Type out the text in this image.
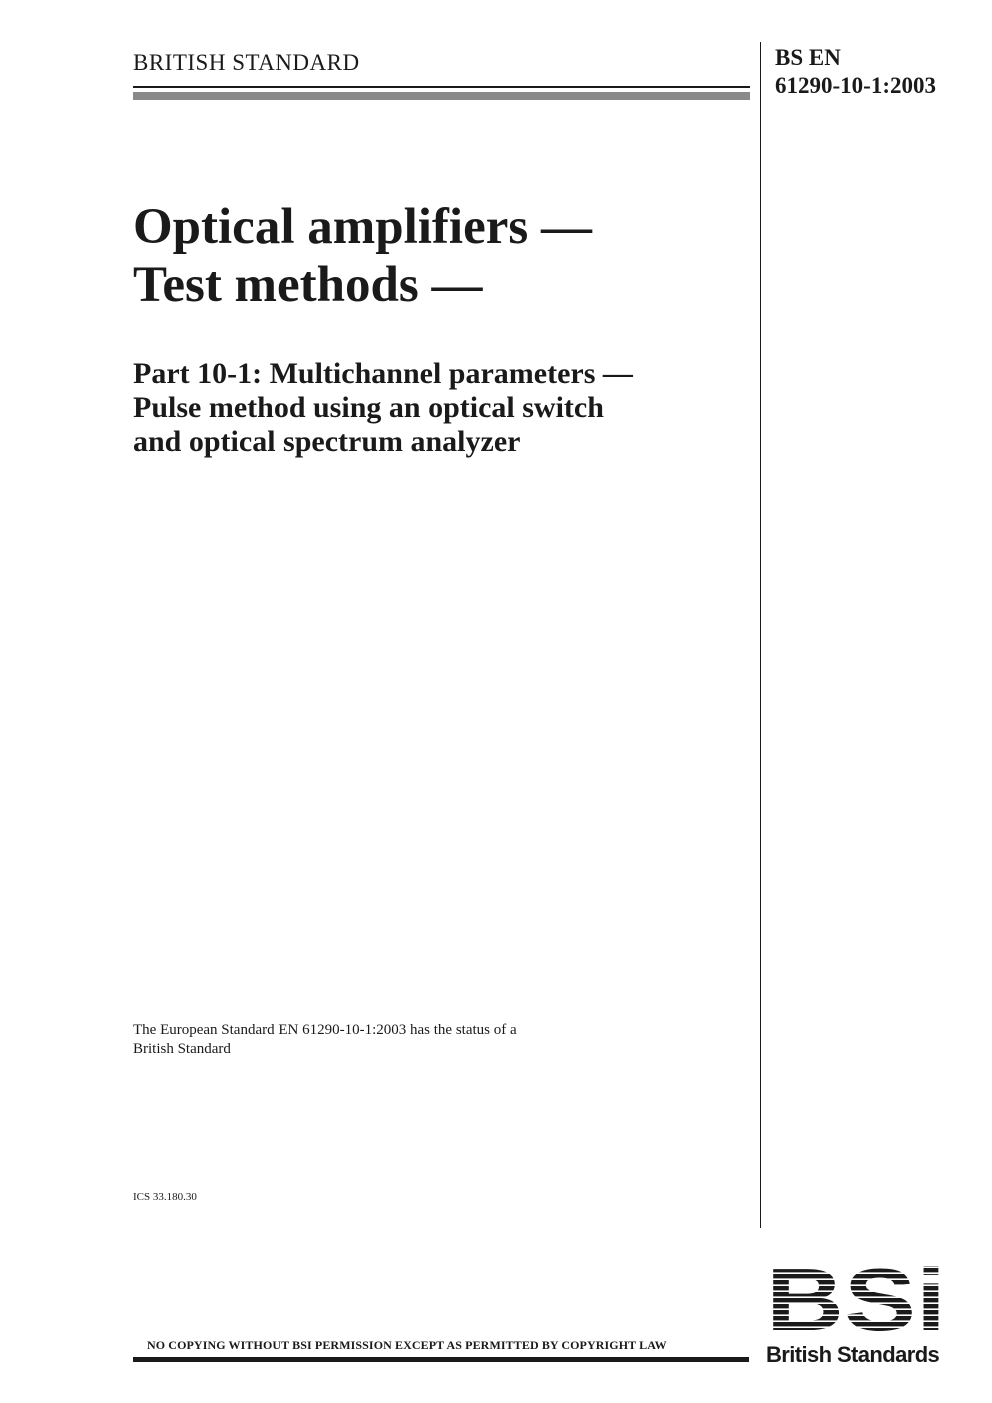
BRITISH STANDARD	BS EN
61290-10-1:2003
Optical amplifiers —
Test methods —
Part 10-1: Multichannel parameters —
Pulse method using an optical switch
and optical spectrum analyzer
The European Standard EN 61290-10-1:2003 has the status of a
British Standard
ICS 33.180.30
NO COPYING WITHOUT BSI PERMISSION EXCEPT AS PERMITTED BY COPYRIGHT LAW BSi
British Standards
